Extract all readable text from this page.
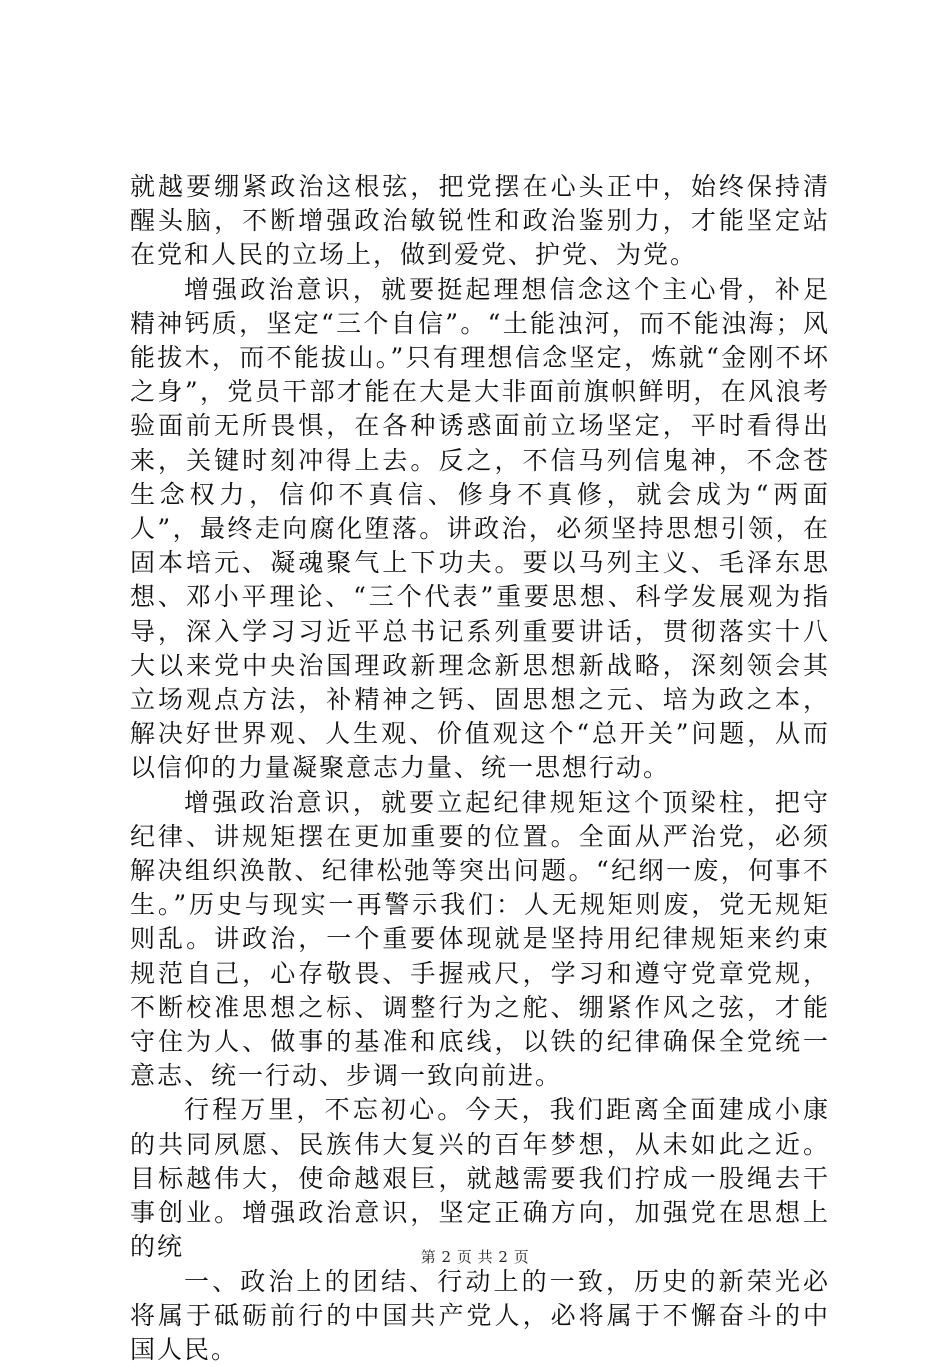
就越要绷紧政治这根弦，把党摆在心头正中，始终保持清醒头脑，不断增强政治敏锐性和政治鉴别力，才能坚定站在党和人民的立场上，做到爱党、护党、为党。

增强政治意识，就要挺起理想信念这个主心骨，补足精神钙质，坚定“三个自信”。“土能浊河，而不能浊海；风能拔木，而不能拔山。”只有理想信念坚定，炼就“金刚不坏之身”，党员干部才能在大是大非面前旗帜鲜明，在风浪考验面前无所畏惧，在各种诱惑面前立场坚定，平时看得出来，关键时刻冲得上去。反之，不信马列信鬼神，不念苍生念权力，信仰不真信、修身不真修，就会成为“两面人”，最终走向腐化堕落。讲政治，必须坚持思想引领，在固本培元、凝魂聚气上下功夫。要以马列主义、毛泽东思想、邓小平理论、“三个代表”重要思想、科学发展观为指导，深入学习习近平总书记系列重要讲话，贯彻落实十八大以来党中央治国理政新理念新思想新战略，深刻领会其立场观点方法，补精神之钙、固思想之元、培为政之本，解决好世界观、人生观、价值观这个“总开关”问题，从而以信仰的力量凝聚意志力量、统一思想行动。

增强政治意识，就要立起纪律规矩这个顶梁柱，把守纪律、讲规矩摆在更加重要的位置。全面从严治党，必须解决组织涣散、纪律松弛等突出问题。“纪纲一废，何事不生。”历史与现实一再警示我们：人无规矩则废，党无规矩则乱。讲政治，一个重要体现就是坚持用纪律规矩来约束规范自己，心存敬畏、手握戒尺，学习和遵守党章党规，不断校准思想之标、调整行为之舵、绷紧作风之弦，才能守住为人、做事的基准和底线，以铁的纪律确保全党统一意志、统一行动、步调一致向前进。

行程万里，不忘初心。今天，我们距离全面建成小康的共同夙愿、民族伟大复兴的百年梦想，从未如此之近。目标越伟大，使命越艰巨，就越需要我们拧成一股绳去干事创业。增强政治意识，坚定正确方向，加强党在思想上的统

一、政治上的团结、行动上的一致，历史的新荣光必将属于砥砺前行的中国共产党人，必将属于不懈奋斗的中国人民。

第 2 页 共 2 页
